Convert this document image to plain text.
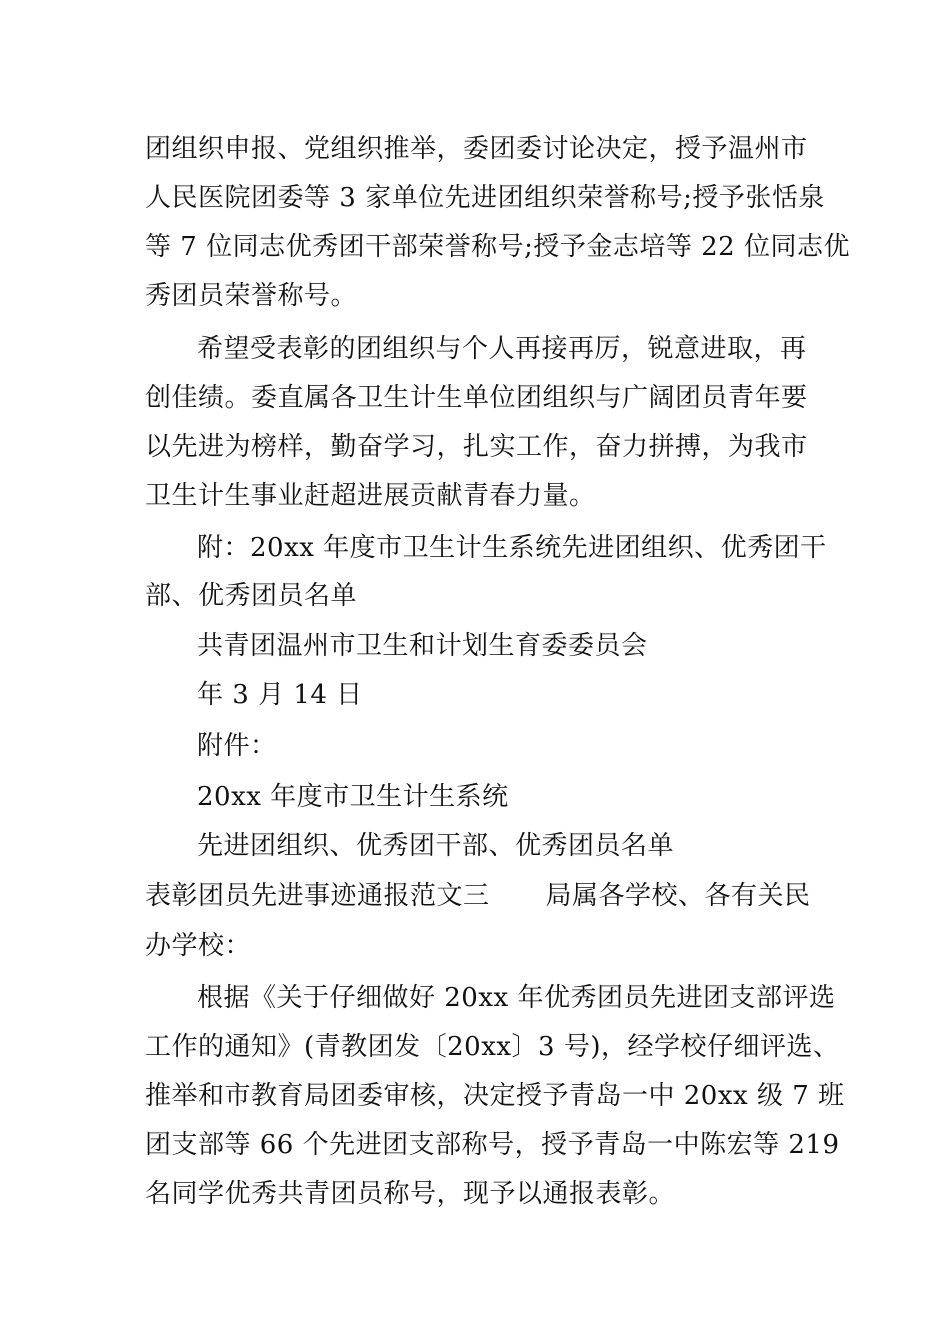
团组织申报、党组织推举，委团委讨论决定，授予温州市
人民医院团委等 3 家单位先进团组织荣誉称号;授予张恬泉
等 7 位同志优秀团干部荣誉称号;授予金志培等 22 位同志优
秀团员荣誉称号。
希望受表彰的团组织与个人再接再厉，锐意进取，再
创佳绩。委直属各卫生计生单位团组织与广阔团员青年要
以先进为榜样，勤奋学习，扎实工作，奋力拼搏，为我市
卫生计生事业赶超进展贡献青春力量。
附：20xx 年度市卫生计生系统先进团组织、优秀团干
部、优秀团员名单
共青团温州市卫生和计划生育委委员会
年 3 月 14 日
附件：
20xx 年度市卫生计生系统
先进团组织、优秀团干部、优秀团员名单
表彰团员先进事迹通报范文三 局属各学校、各有关民
办学校：
根据《关于仔细做好 20xx 年优秀团员先进团支部评选
工作的通知》(青教团发〔20xx〕3 号)，经学校仔细评选、
推举和市教育局团委审核，决定授予青岛一中 20xx 级 7 班
团支部等 66 个先进团支部称号，授予青岛一中陈宏等 219
名同学优秀共青团员称号，现予以通报表彰。
